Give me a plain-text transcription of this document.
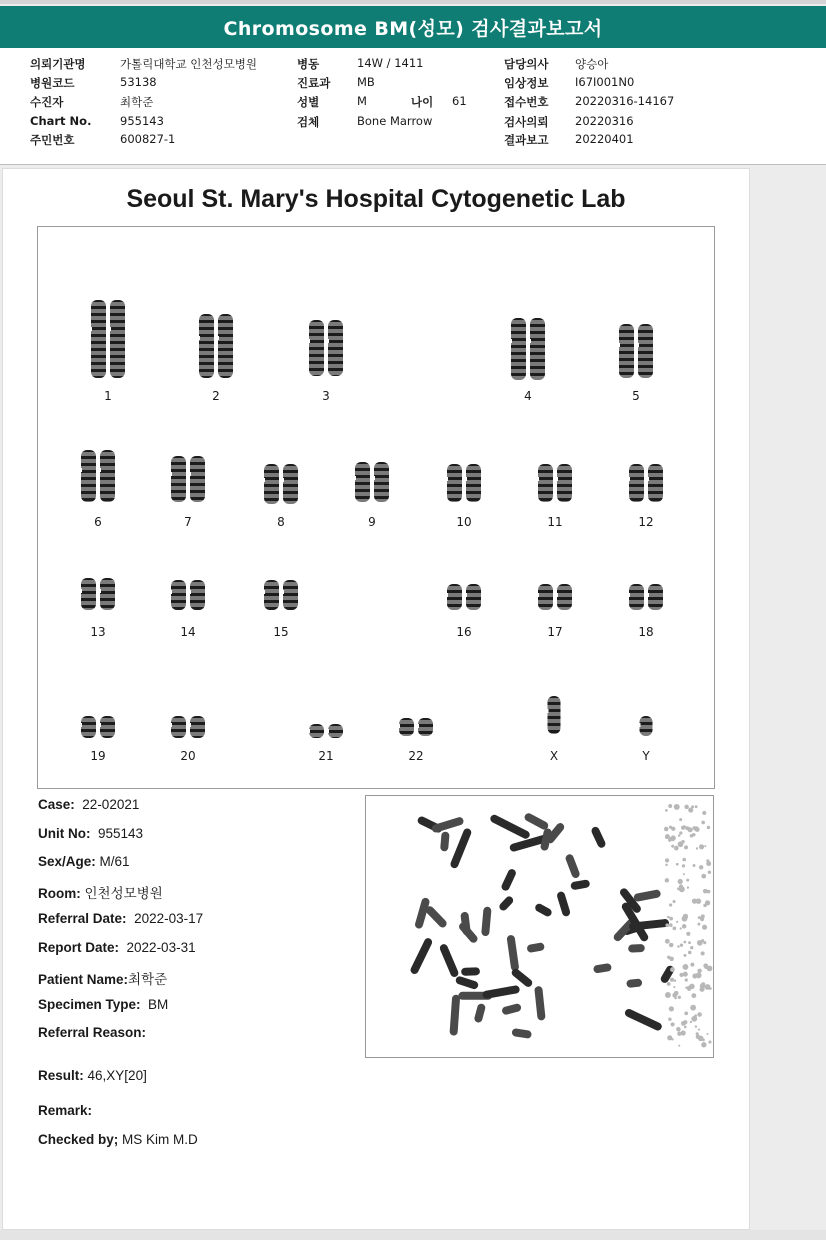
Chromosome BM(성모) 검사결과보고서
의뢰기관명	가톨릭대학교 인천성모병원	병동	14W / 1411	담당의사 양승아
병원코드	53138	진료과 MB	임상정보 I67I001N0
수진자	최학준	성별	M	나이 61	접수번호 20220316-14167
Chart No. 955143	검체	Bone Marrow	검사의뢰 20220316
주민번호	600827-1	결과보고 20220401
Seoul St. Mary's Hospital Cytogenetic Lab
1	2	3	4	5
6	7	8	9	10	11	12
13	14	15	16	17	18
19	20	21	22	X	Y
Case: 22-02021
Unit No: 955143
Sex/Age: M/61
Room: 인천성모병원
Referral Date: 2022-03-17
Report Date: 2022-03-31
Patient Name:최학준
Specimen Type: BM
Referral Reason:
Result: 46,XY[20]
Remark:
Checked by; MS Kim M.D
